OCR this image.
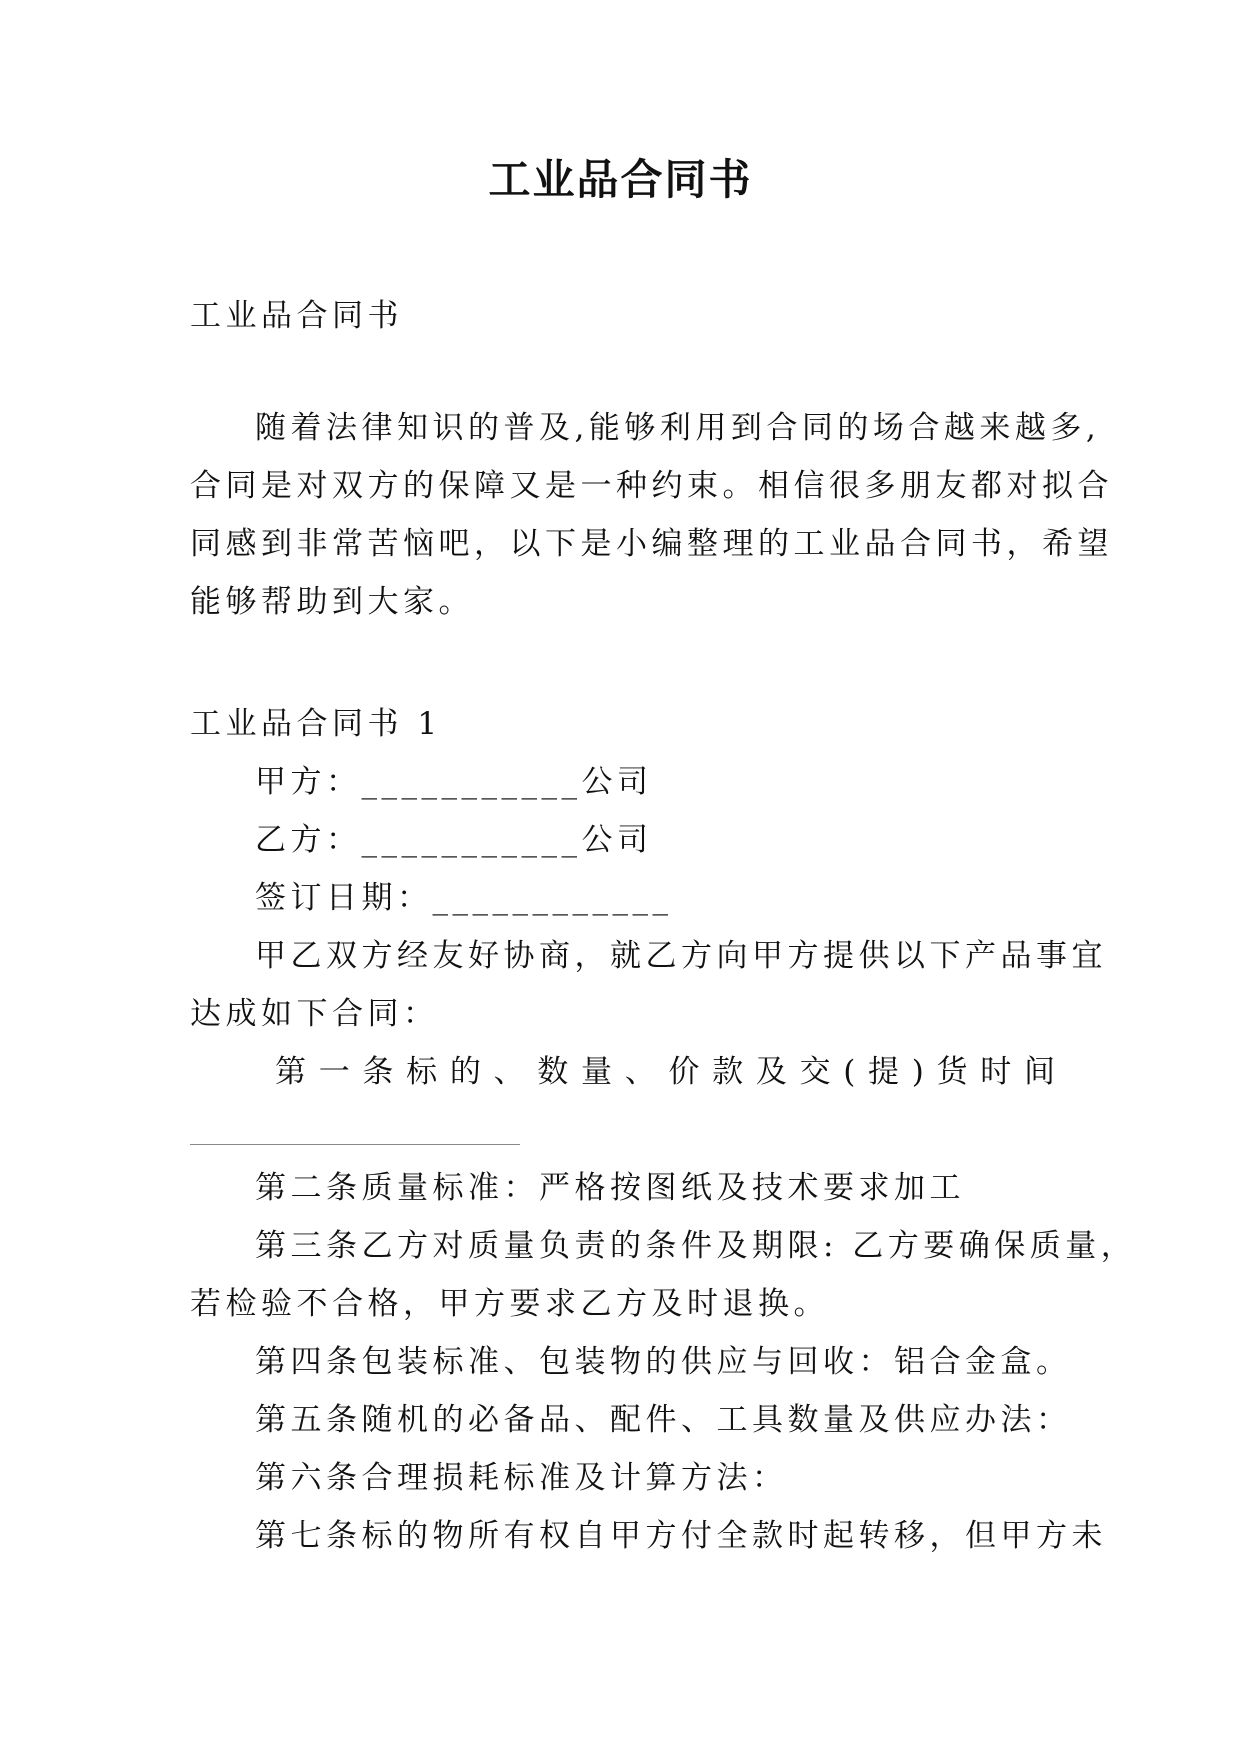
工业品合同书
工业品合同书
随着法律知识的普及,能够利用到合同的场合越来越多,
合同是对双方的保障又是一种约束。相信很多朋友都对拟合
同感到非常苦恼吧，以下是小编整理的工业品合同书，希望
能够帮助到大家。
工业品合同书 1
甲方：___________公司
乙方：___________公司
签订日期：____________
甲乙双方经友好协商，就乙方向甲方提供以下产品事宜
达成如下合同：
第一条标的、数量、价款及交(提)货时间
第二条质量标准：严格按图纸及技术要求加工
第三条乙方对质量负责的条件及期限: 乙方要确保质量，
若检验不合格，甲方要求乙方及时退换。
第四条包装标准、包装物的供应与回收：铝合金盒。
第五条随机的必备品、配件、工具数量及供应办法：
第六条合理损耗标准及计算方法：
第七条标的物所有权自甲方付全款时起转移，但甲方未
